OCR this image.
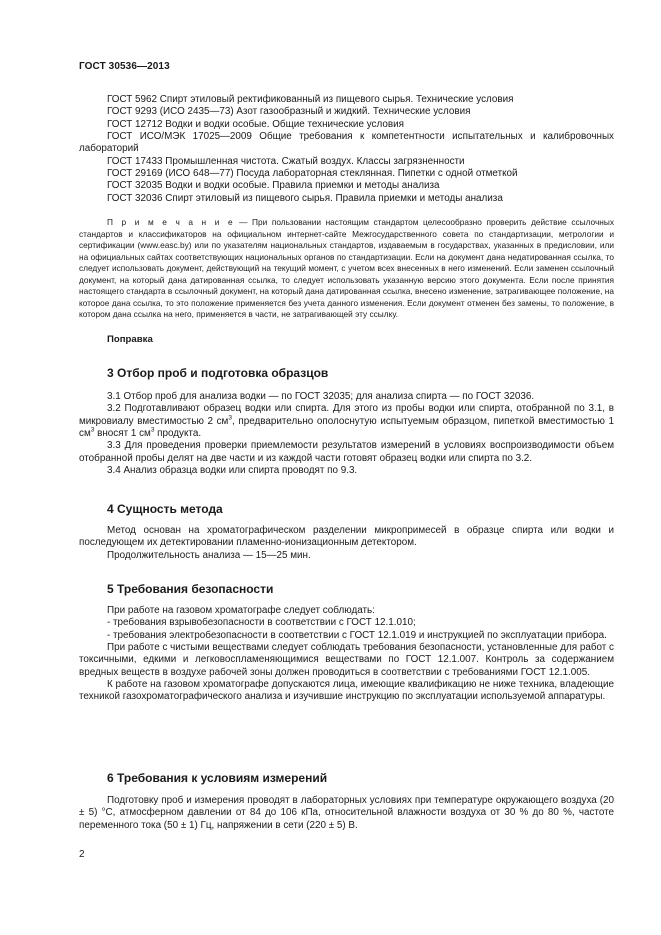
ГОСТ 30536—2013

ГОСТ 5962 Спирт этиловый ректификованный из пищевого сырья. Технические условия

ГОСТ 9293 (ИСО 2435—73) Азот газообразный и жидкий. Технические условия

ГОСТ 12712 Водки и водки особые. Общие технические условия

ГОСТ ИСО/МЭК 17025—2009 Общие требования к компетентности испытательных и калибровочных лабораторий

ГОСТ 17433 Промышленная чистота. Сжатый воздух. Классы загрязненности

ГОСТ 29169 (ИСО 648—77) Посуда лабораторная стеклянная. Пипетки с одной отметкой

ГОСТ 32035 Водки и водки особые. Правила приемки и методы анализа

ГОСТ 32036 Спирт этиловый из пищевого сырья. Правила приемки и методы анализа

П р и м е ч а н и е — При пользовании настоящим стандартом целесообразно проверить действие ссылочных стандартов и классификаторов на официальном интернет-сайте Межгосударственного совета по стандартизации, метрологии и сертификации (www.easc.by) или по указателям национальных стандартов, издаваемым в государствах, указанных в предисловии, или на официальных сайтах соответствующих национальных органов по стандартизации. Если на документ дана недатированная ссылка, то следует использовать документ, действующий на текущий момент, с учетом всех внесенных в него изменений. Если заменен ссылочный документ, на который дана датированная ссылка, то следует использовать указанную версию этого документа. Если после принятия настоящего стандарта в ссылочный документ, на который дана датированная ссылка, внесено изменение, затрагивающее положение, на которое дана ссылка, то это положение применяется без учета данного изменения. Если документ отменен без замены, то положение, в котором дана ссылка на него, применяется в части, не затрагивающей эту ссылку.

Поправка
3 Отбор проб и подготовка образцов

3.1 Отбор проб для анализа водки — по ГОСТ 32035; для анализа спирта — по ГОСТ 32036.

3.2 Подготавливают образец водки или спирта. Для этого из пробы водки или спирта, отобранной по 3.1, в микровиалу вместимостью 2 $см^3$, предварительно ополоснутую испытуемым образцом, пипеткой вместимостью 1 $см^3$ вносят 1 $см^3$ продукта.

3.3 Для проведения проверки приемлемости результатов измерений в условиях воспроизводимости объем отобранной пробы делят на две части и из каждой части готовят образец водки или спирта по 3.2.

3.4 Анализ образца водки или спирта проводят по 9.3.

4 Сущность метода

Метод основан на хроматографическом разделении микропримесей в образце спирта или водки и последующем их детектировании пламенно-ионизационным детектором.

Продолжительность анализа — 15—25 мин.

5 Требования безопасности

При работе на газовом хроматографе следует соблюдать:

- требования взрывобезопасности в соответствии с ГОСТ 12.1.010;

- требования электробезопасности в соответствии с ГОСТ 12.1.019 и инструкцией по эксплуатации прибора.

При работе с чистыми веществами следует соблюдать требования безопасности, установленные для работ с токсичными, едкими и легковоспламеняющимися веществами по ГОСТ 12.1.007. Контроль за содержанием вредных веществ в воздухе рабочей зоны должен проводиться в соответствии с требованиями ГОСТ 12.1.005.

К работе на газовом хроматографе допускаются лица, имеющие квалификацию не ниже техника, владеющие техникой газохроматографического анализа и изучившие инструкцию по эксплуатации используемой аппаратуры.

6 Требования к условиям измерений

Подготовку проб и измерения проводят в лабораторных условиях при температуре окружающего воздуха (20 ± 5) °С, атмосферном давлении от 84 до 106 кПа, относительной влажности воздуха от 30 % до 80 %, частоте переменного тока (50 ± 1) Гц, напряжении в сети (220 ± 5) В.

2
